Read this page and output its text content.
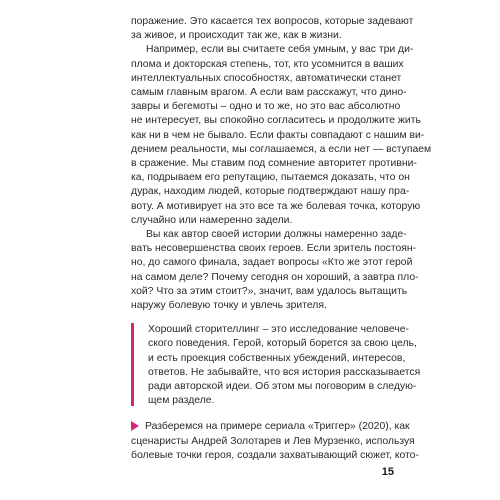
поражение. Это касается тех вопросов, которые задевают
за живое, и происходит так же, как в жизни.
Например, если вы считаете себя умным, у вас три ди-
плома и докторская степень, тот, кто усомнится в ваших
интеллектуальных способностях, автоматически станет
самым главным врагом. А если вам расскажут, что дино-
завры и бегемоты – одно и то же, но это вас абсолютно
не интересует, вы спокойно согласитесь и продолжите жить
как ни в чем не бывало. Если факты совпадают с нашим ви-
дением реальности, мы соглашаемся, а если нет — вступаем
в сражение. Мы ставим под сомнение авторитет противни-
ка, подрываем его репутацию, пытаемся доказать, что он
дурак, находим людей, которые подтверждают нашу пра-
воту. А мотивирует на это все та же болевая точка, которую
случайно или намеренно задели.
Вы как автор своей истории должны намеренно заде-
вать несовершенства своих героев. Если зритель постоян-
но, до самого финала, задает вопросы «Кто же этот герой
на самом деле? Почему сегодня он хороший, а завтра пло-
хой? Что за этим стоит?», значит, вам удалось вытащить
наружу болевую точку и увлечь зрителя.
Хороший сторителлинг – это исследование человече-
ского поведения. Герой, который борется за свою цель,
и есть проекция собственных убеждений, интересов,
ответов. Не забывайте, что вся история рассказывается
ради авторской идеи. Об этом мы поговорим в следую-
щем разделе.
Разберемся на примере сериала «Триггер» (2020), как
сценаристы Андрей Золотарев и Лев Мурзенко, используя
болевые точки героя, создали захватывающий сюжет, кото-
15
